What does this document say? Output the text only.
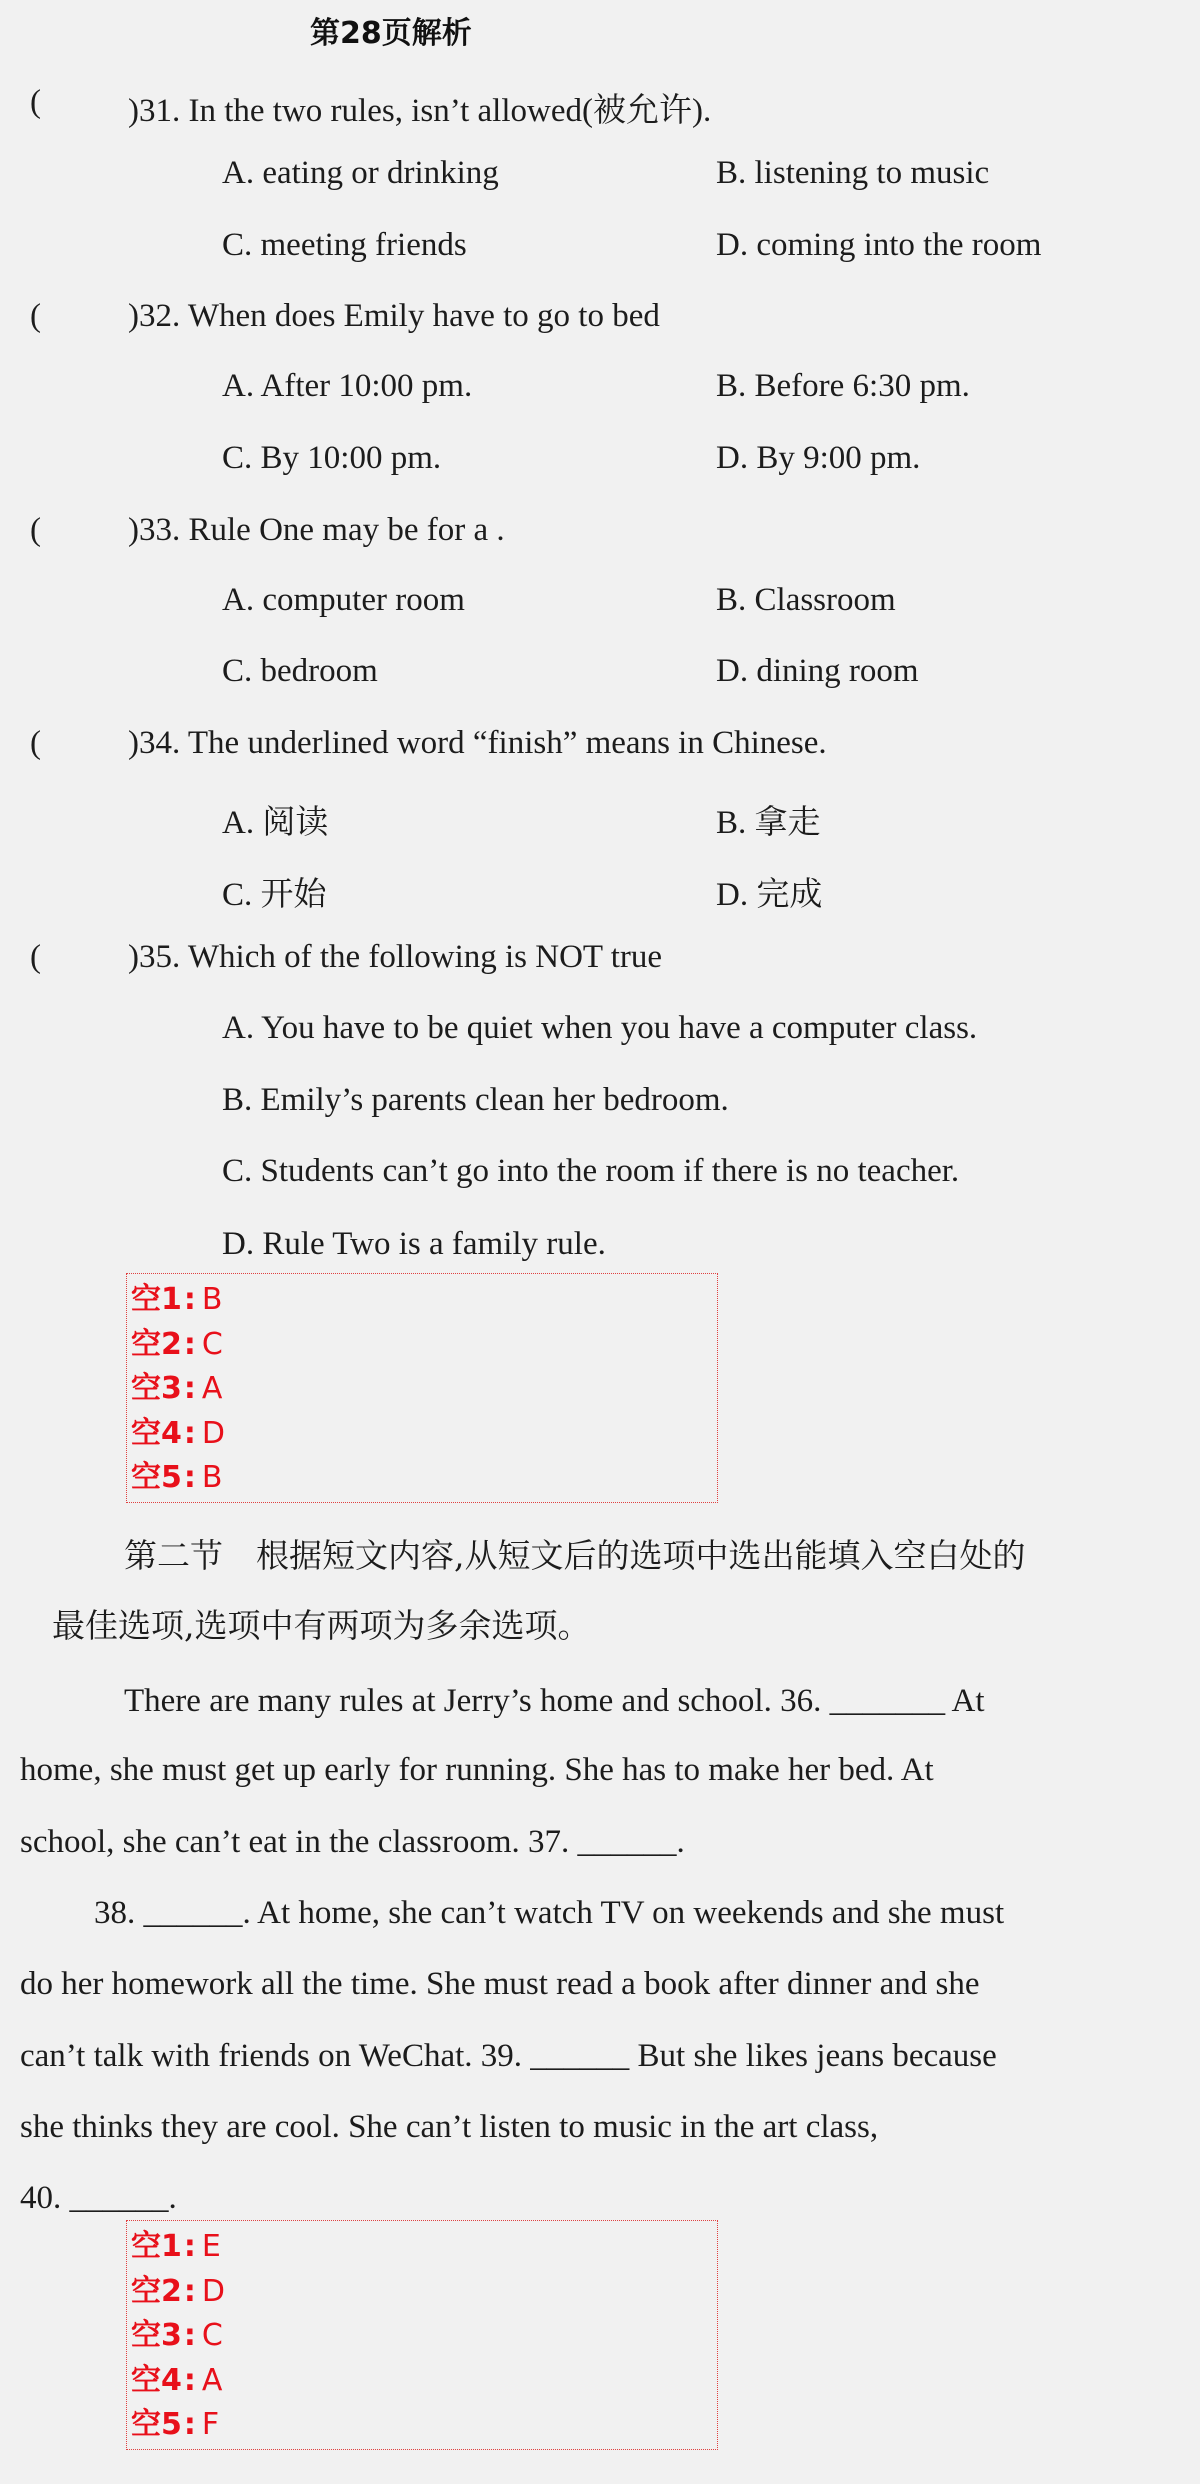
第28页解析
(	)31. In the two rules, isn’t allowed(被允许).
A. eating or drinking	B. listening to music
C. meeting friends	D. coming into the room
(	)32. When does Emily have to go to bed
A. After 10:00 pm.	B. Before 6:30 pm.
C. By 10:00 pm.	D. By 9:00 pm.
(	)33. Rule One may be for a .
A. computer room	B. Classroom
C. bedroom	D. dining room
(	)34. The underlined word “finish” means in Chinese.
A. 阅读	B. 拿走
C. 开始	D. 完成
(	)35. Which of the following is NOT true
A. You have to be quiet when you have a computer class.
B. Emily’s parents clean her bedroom.
C. Students can’t go into the room if there is no teacher.
D. Rule Two is a family rule.
空1: B
空2: C
空3: A
空4: D
空5: B
第二节　根据短文内容,从短文后的选项中选出能填入空白处的
最佳选项,选项中有两项为多余选项。
There are many rules at Jerry’s home and school. 36. _______ At
home, she must get up early for running. She has to make her bed. At
school, she can’t eat in the classroom. 37. ______.
38. ______. At home, she can’t watch TV on weekends and she must
do her homework all the time. She must read a book after dinner and she
can’t talk with friends on WeChat. 39. ______ But she likes jeans because
she thinks they are cool. She can’t listen to music in the art class,
40. ______.
空1: E
空2: D
空3: C
空4: A
空5: F
